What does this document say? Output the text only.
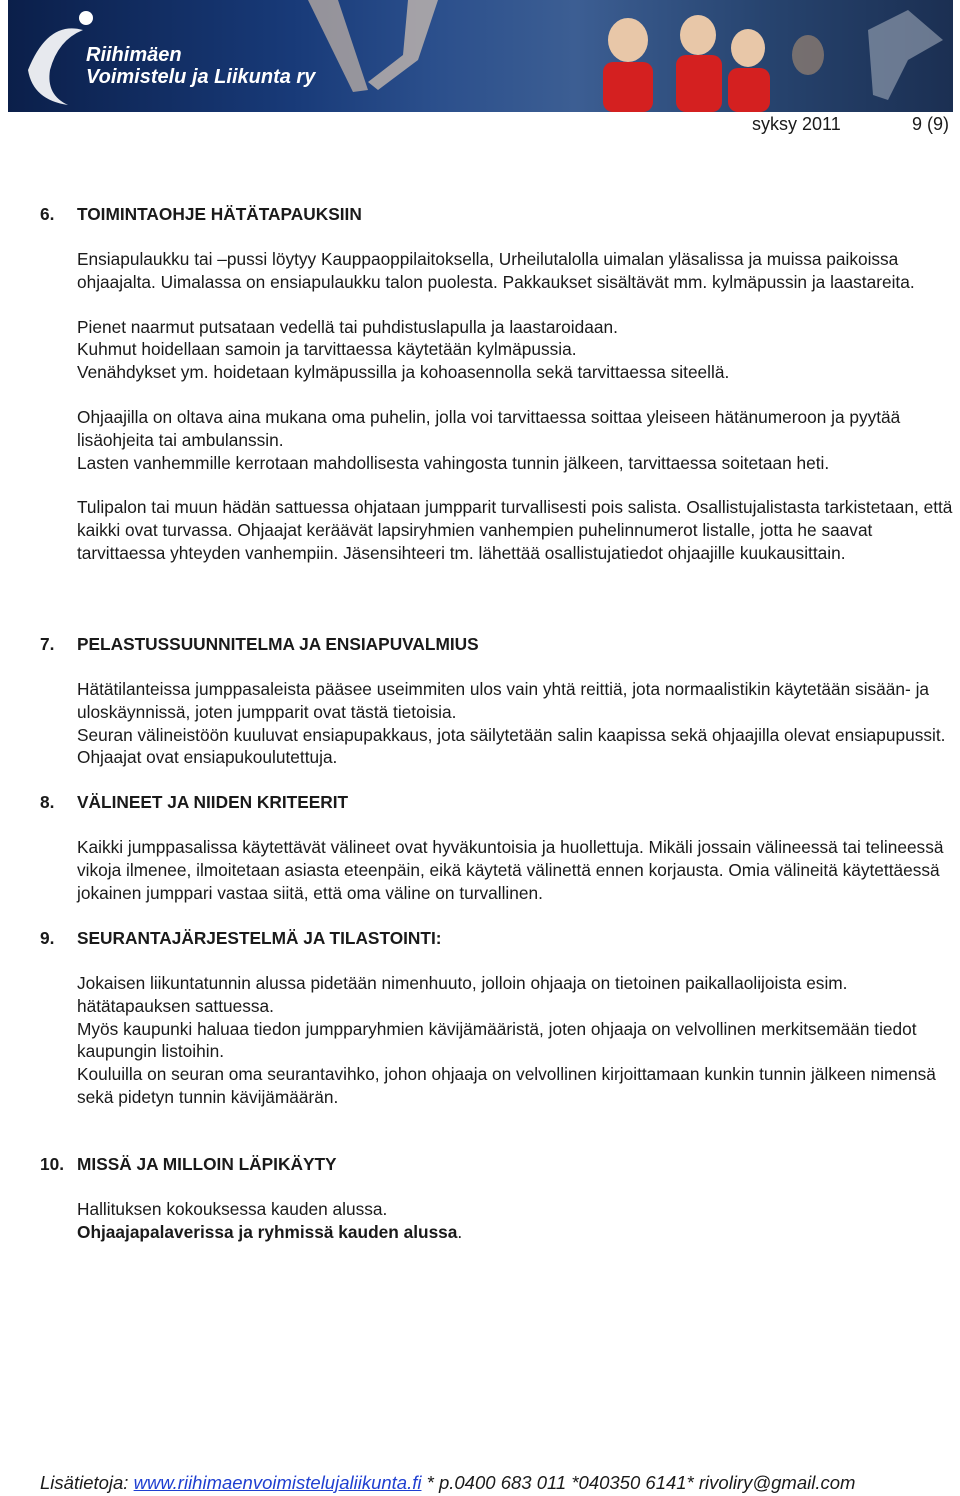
Riihimäen
Voimistelu ja Liikunta ry
syksy 2011	9 (9)
6. TOIMINTAOHJE HÄTÄTAPAUKSIIN

Ensiapulaukku tai –pussi löytyy Kauppaoppilaitoksella, Urheilutalolla uimalan yläsalissa ja muissa paikoissa ohjaajalta. Uimalassa on ensiapulaukku talon puolesta. Pakkaukset sisältävät mm. kylmäpussin ja laastareita.

Pienet naarmut putsataan vedellä tai puhdistuslapulla ja laastaroidaan.

Kuhmut hoidellaan samoin ja tarvittaessa käytetään kylmäpussia.

Venähdykset ym. hoidetaan kylmäpussilla ja kohoasennolla sekä tarvittaessa siteellä.

Ohjaajilla on oltava aina mukana oma puhelin, jolla voi tarvittaessa soittaa yleiseen hätänumeroon ja pyytää lisäohjeita tai ambulanssin.

Lasten vanhemmille kerrotaan mahdollisesta vahingosta tunnin jälkeen, tarvittaessa soitetaan heti.

Tulipalon tai muun hädän sattuessa ohjataan jumpparit turvallisesti pois salista. Osallistujalistasta tarkistetaan, että kaikki ovat turvassa. Ohjaajat keräävät lapsiryhmien vanhempien puhelinnumerot listalle, jotta he saavat tarvittaessa yhteyden vanhempiin. Jäsensihteeri tm. lähettää osallistujatiedot ohjaajille kuukausittain.

7. PELASTUSSUUNNITELMA JA ENSIAPUVALMIUS

Hätätilanteissa jumppasaleista pääsee useimmiten ulos vain yhtä reittiä, jota normaalistikin käytetään sisään- ja uloskäynnissä, joten jumpparit ovat tästä tietoisia.

Seuran välineistöön kuuluvat ensiapupakkaus, jota säilytetään salin kaapissa sekä ohjaajilla olevat ensiapupussit. Ohjaajat ovat ensiapukoulutettuja.

8. VÄLINEET JA NIIDEN KRITEERIT

Kaikki jumppasalissa käytettävät välineet ovat hyväkuntoisia ja huollettuja. Mikäli jossain välineessä tai telineessä vikoja ilmenee, ilmoitetaan asiasta eteenpäin, eikä käytetä välinettä ennen korjausta. Omia välineitä käytettäessä jokainen jumppari vastaa siitä, että oma väline on turvallinen.

9. SEURANTAJÄRJESTELMÄ JA TILASTOINTI:

Jokaisen liikuntatunnin alussa pidetään nimenhuuto, jolloin ohjaaja on tietoinen paikallaolijoista esim. hätätapauksen sattuessa.

Myös kaupunki haluaa tiedon jumpparyhmien kävijämääristä, joten ohjaaja on velvollinen merkitsemään tiedot kaupungin listoihin.

Kouluilla on seuran oma seurantavihko, johon ohjaaja on velvollinen kirjoittamaan kunkin tunnin jälkeen nimensä sekä pidetyn tunnin kävijämäärän.

10. MISSÄ JA MILLOIN LÄPIKÄYTY

Hallituksen kokouksessa kauden alussa.

Ohjaajapalaverissa ja ryhmissä kauden alussa.

Lisätietoja: www.riihimaenvoimistelujaliikunta.fi * p.0400 683 011 *040350 6141* rivoliry@gmail.com
